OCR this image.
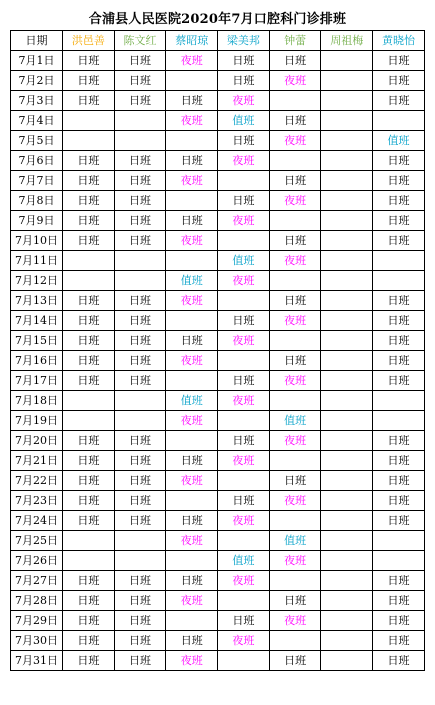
合浦县人民医院2020年7月口腔科门诊排班
日期	洪邑善	陈文红	蔡昭琼	梁美邦	钟蕾	周祖梅	黄晓怡
7月1日	日班	日班	夜班	日班	日班		日班
7月2日	日班	日班		日班	夜班		日班
7月3日	日班	日班	日班	夜班			日班
7月4日			夜班	值班	日班		
7月5日				日班	夜班		值班
7月6日	日班	日班	日班	夜班			日班
7月7日	日班	日班	夜班		日班		日班
7月8日	日班	日班		日班	夜班		日班
7月9日	日班	日班	日班	夜班			日班
7月10日	日班	日班	夜班		日班		日班
7月11日				值班	夜班		
7月12日			值班	夜班			
7月13日	日班	日班	夜班		日班		日班
7月14日	日班	日班		日班	夜班		日班
7月15日	日班	日班	日班	夜班			日班
7月16日	日班	日班	夜班		日班		日班
7月17日	日班	日班		日班	夜班		日班
7月18日			值班	夜班			
7月19日			夜班		值班		
7月20日	日班	日班		日班	夜班		日班
7月21日	日班	日班	日班	夜班			日班
7月22日	日班	日班	夜班		日班		日班
7月23日	日班	日班		日班	夜班		日班
7月24日	日班	日班	日班	夜班			日班
7月25日			夜班		值班		
7月26日				值班	夜班		
7月27日	日班	日班	日班	夜班			日班
7月28日	日班	日班	夜班		日班		日班
7月29日	日班	日班		日班	夜班		日班
7月30日	日班	日班	日班	夜班			日班
7月31日	日班	日班	夜班		日班		日班
